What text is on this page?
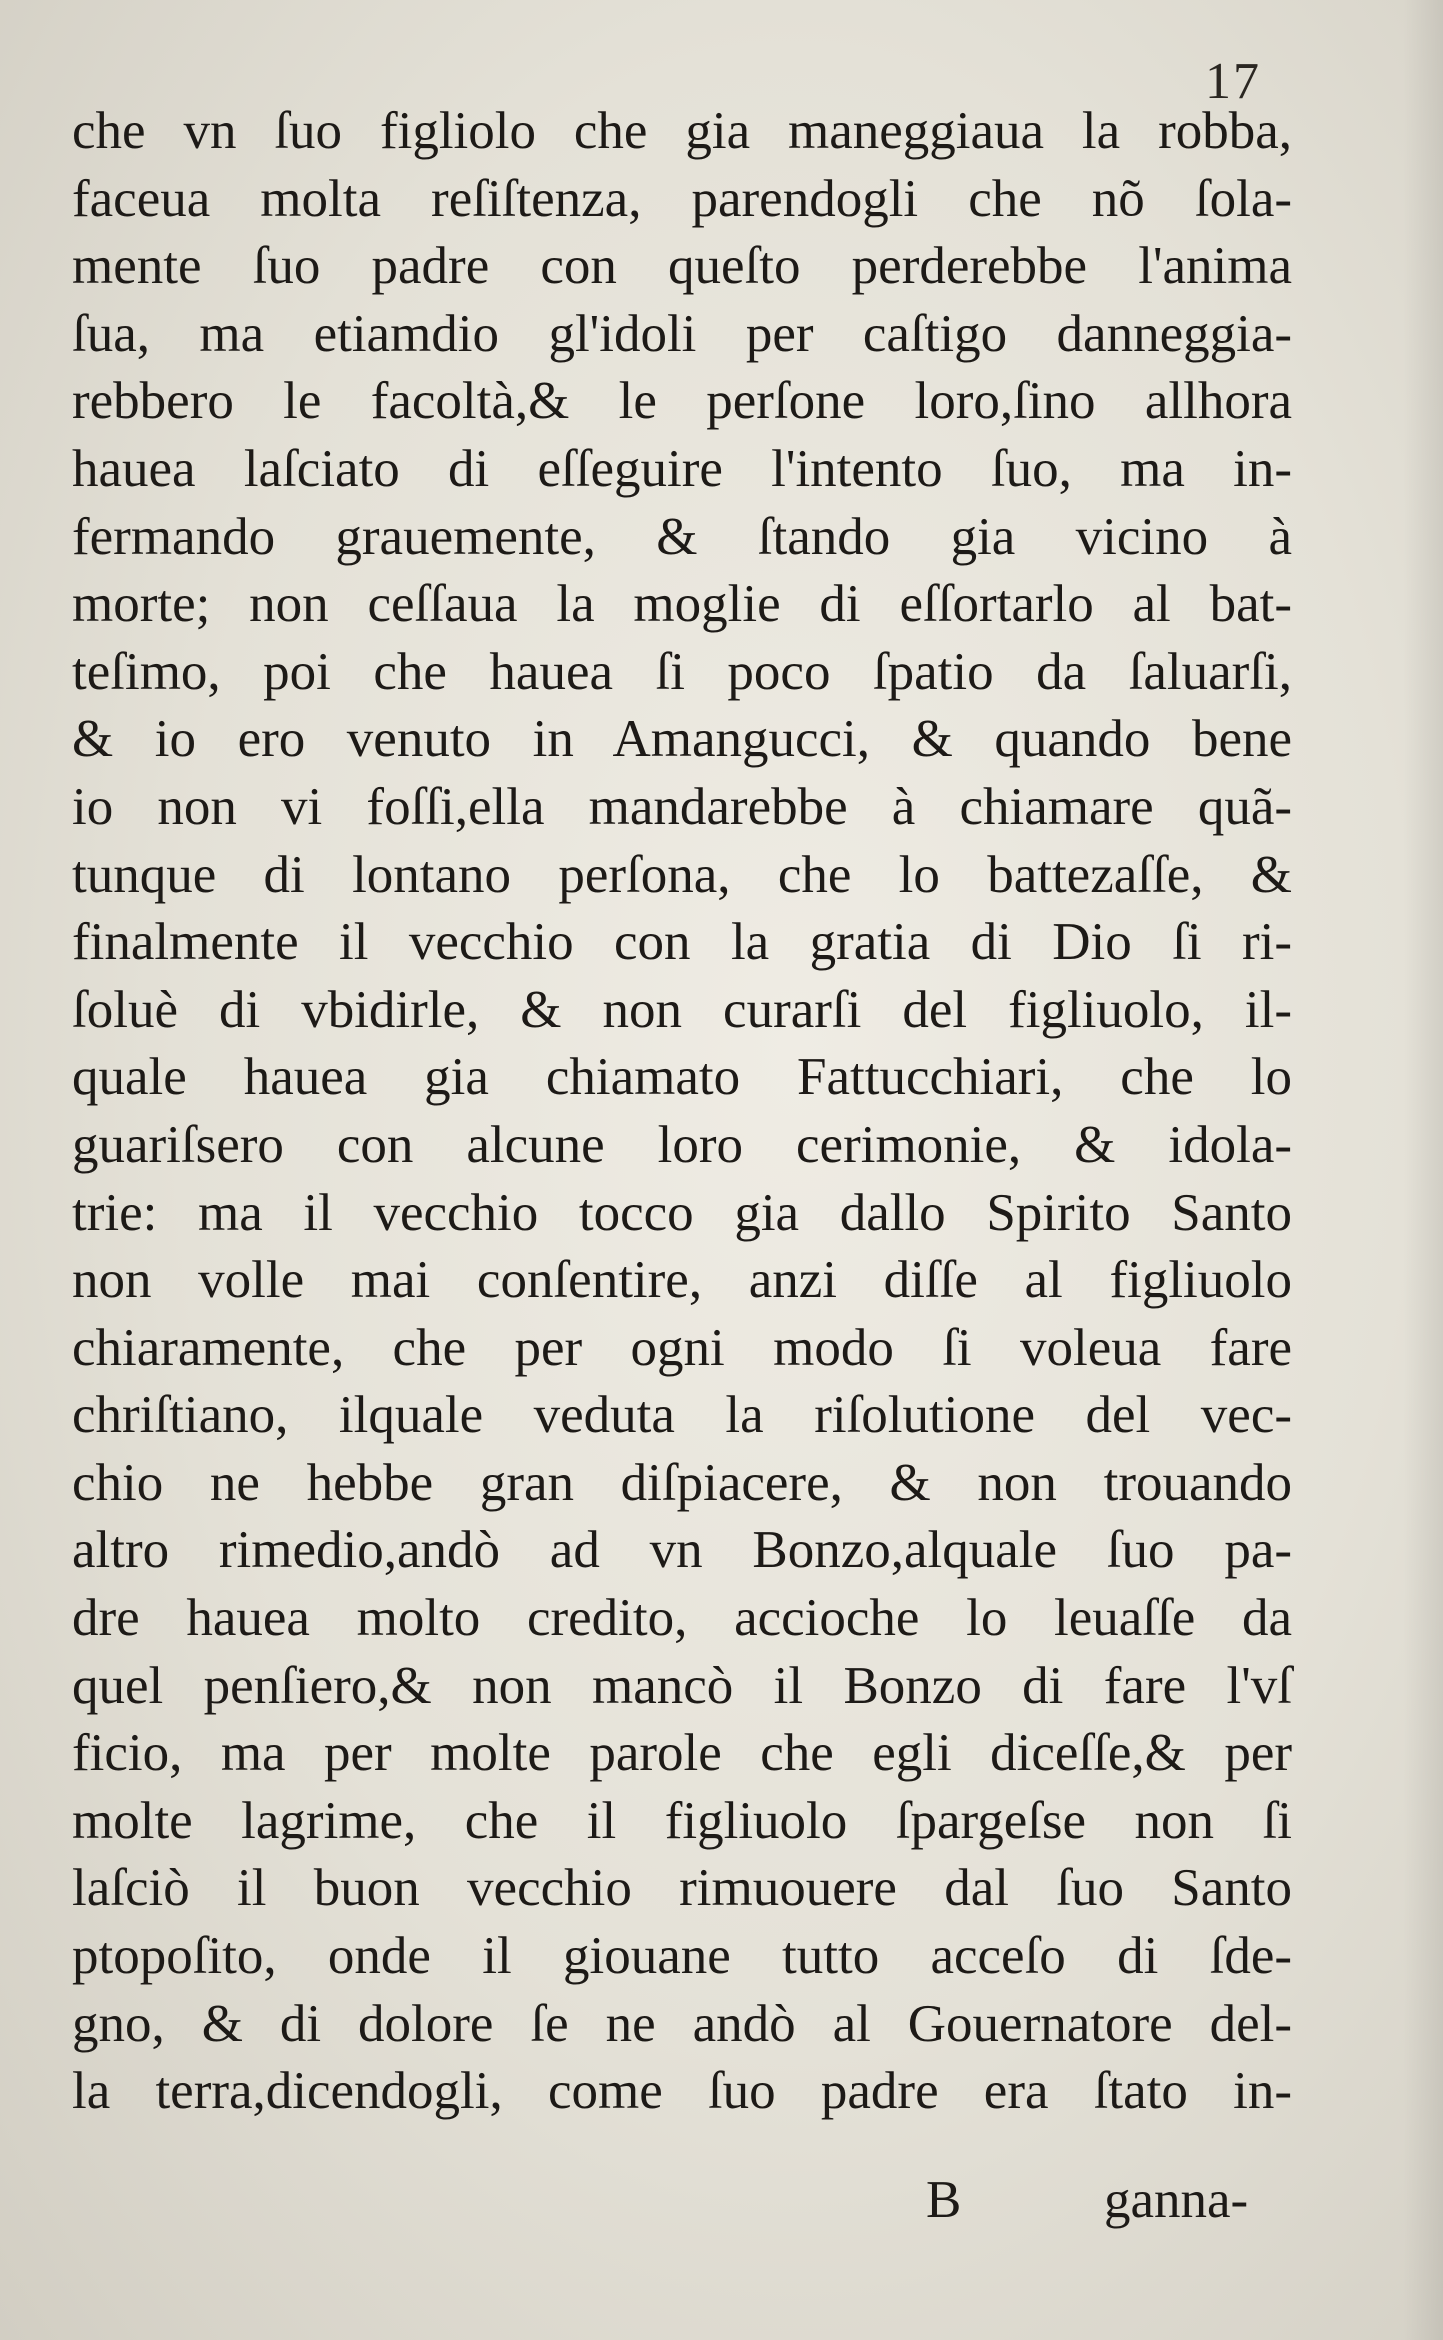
17
che vn ſuo figliolo che gia maneggiaua la robba,
faceua molta reſiſtenza, parendogli che nõ ſola-
mente ſuo padre con queſto perderebbe l'anima
ſua, ma etiamdio gl'idoli per caſtigo danneggia-
rebbero le facoltà,& le perſone loro,ſino allhora
hauea laſciato di eſſeguire l'intento ſuo, ma in-
fermando grauemente, & ſtando gia vicino à
morte; non ceſſaua la moglie di eſſortarlo al bat-
teſimo, poi che hauea ſi poco ſpatio da ſaluarſi,
& io ero venuto in Amangucci, & quando bene
io non vi foſſi,ella mandarebbe à chiamare quã-
tunque di lontano perſona, che lo battezaſſe, &
finalmente il vecchio con la gratia di Dio ſi ri-
ſoluè di vbidirle, & non curarſi del figliuolo, il-
quale hauea gia chiamato Fattucchiari, che lo
guariſsero con alcune loro cerimonie, & idola-
trie: ma il vecchio tocco gia dallo Spirito Santo
non volle mai conſentire, anzi diſſe al figliuolo
chiaramente, che per ogni modo ſi voleua fare
chriſtiano, ilquale veduta la riſolutione del vec-
chio ne hebbe gran diſpiacere, & non trouando
altro rimedio,andò ad vn Bonzo,alquale ſuo pa-
dre hauea molto credito, accioche lo leuaſſe da
quel penſiero,& non mancò il Bonzo di fare l'vſ
ficio, ma per molte parole che egli diceſſe,& per
molte lagrime, che il figliuolo ſpargeſse non ſi
laſciò il buon vecchio rimuouere dal ſuo Santo
ptopoſito, onde il giouane tutto acceſo di ſde-
gno, & di dolore ſe ne andò al Gouernatore del-
la terra,dicendogli, come ſuo padre era ſtato in-
B	ganna-
